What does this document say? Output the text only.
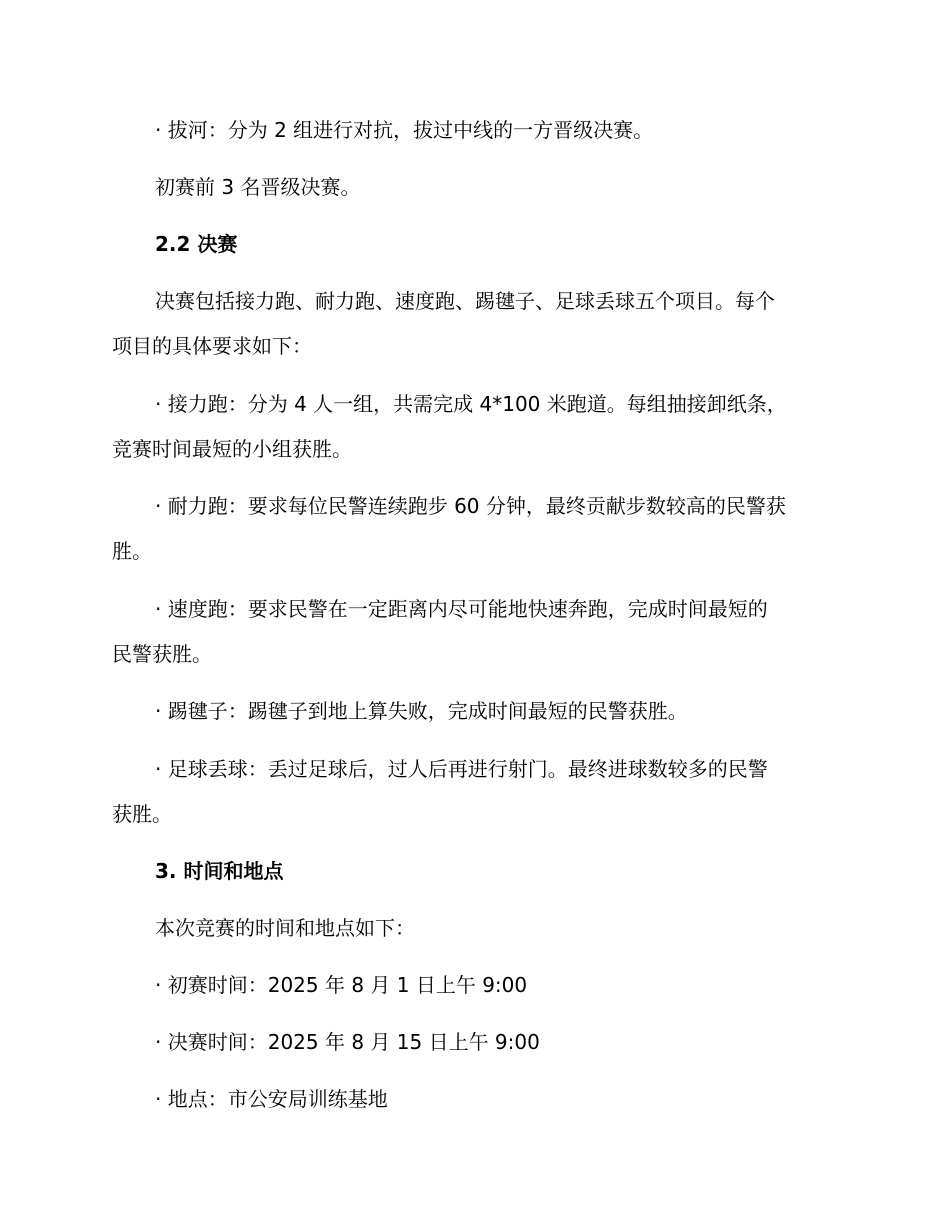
· 拔河：分为 2 组进行对抗，拔过中线的一方晋级决赛。

初赛前 3 名晋级决赛。

2.2 决赛

决赛包括接力跑、耐力跑、速度跑、踢毽子、足球丢球五个项目。每个

项目的具体要求如下：

· 接力跑：分为 4 人一组，共需完成 4*100 米跑道。每组抽接卸纸条，

竞赛时间最短的小组获胜。

· 耐力跑：要求每位民警连续跑步 60 分钟，最终贡献步数较高的民警获

胜。

· 速度跑：要求民警在一定距离内尽可能地快速奔跑，完成时间最短的

民警获胜。

· 踢毽子：踢毽子到地上算失败，完成时间最短的民警获胜。

· 足球丢球：丢过足球后，过人后再进行射门。最终进球数较多的民警

获胜。

3. 时间和地点

本次竞赛的时间和地点如下：

· 初赛时间：2025 年 8 月 1 日上午 9:00

· 决赛时间：2025 年 8 月 15 日上午 9:00

· 地点：市公安局训练基地
